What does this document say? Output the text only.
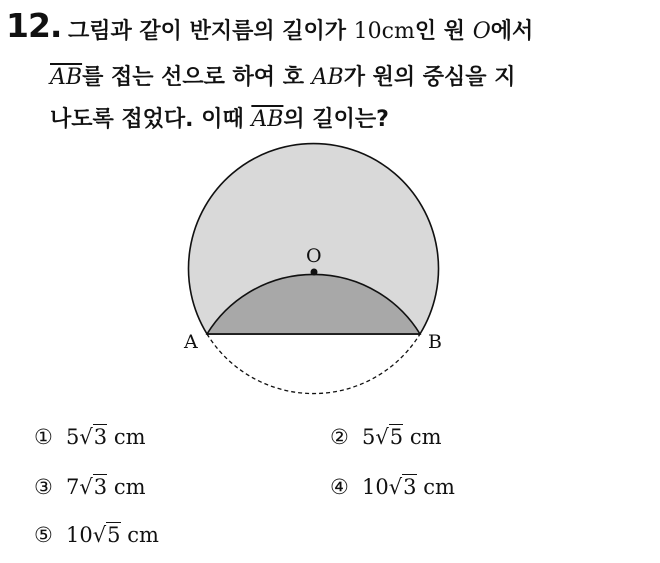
12. 그림과 같이 반지름의 길이가 10cm인 원 O에서
$\overline{AB}$를 접는 선으로 하여 호 AB가 원의 중심을 지
나도록 접었다. 이때 $\overline{AB}$의 길이는?
O
A	B
① 5√3 cm	② 5√5 cm
③ 7√3 cm	④ 10√3 cm
⑤ 10√5 cm
